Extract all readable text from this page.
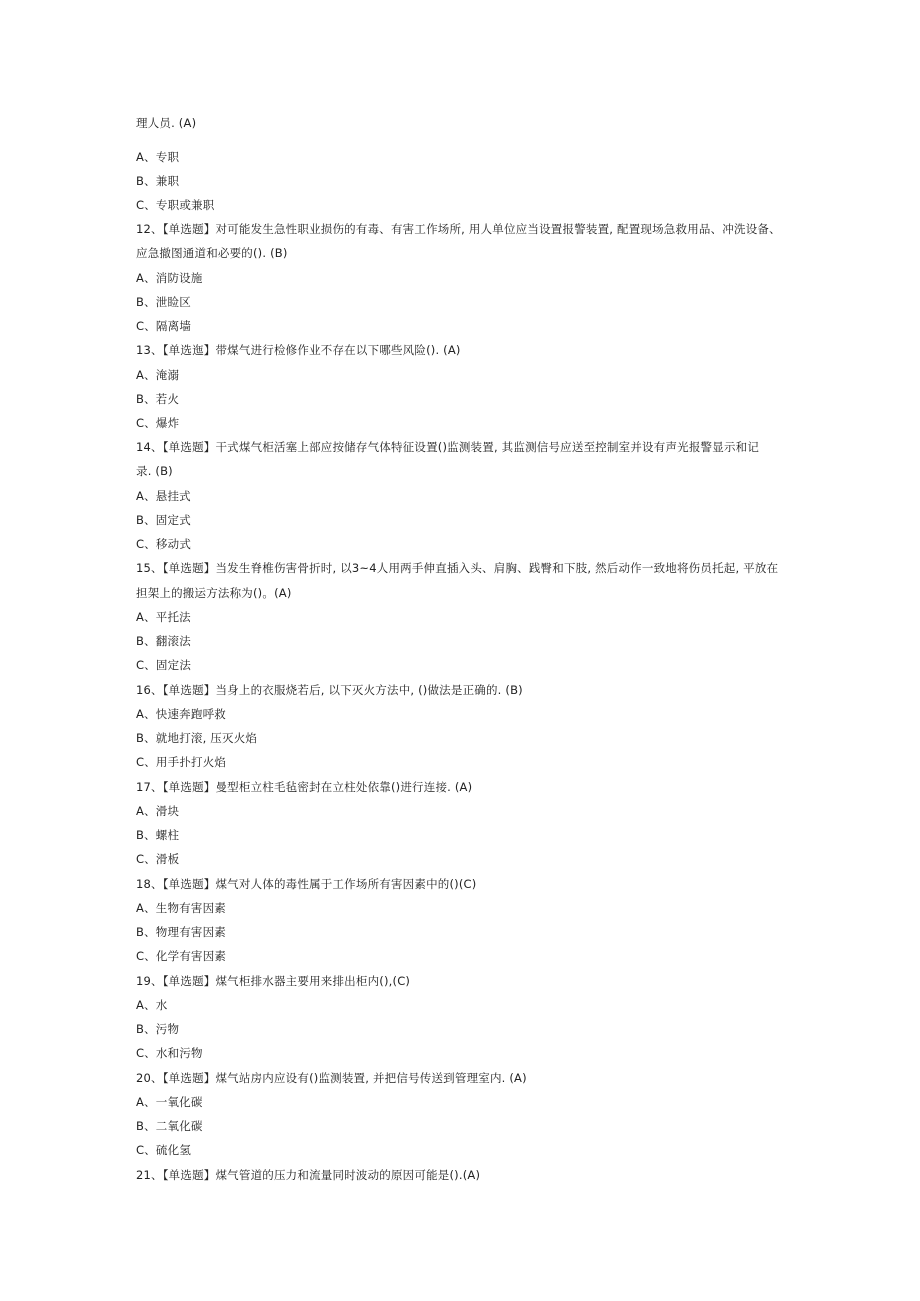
理人员. (A)
A、专职
B、兼职
C、专职或兼职
12、【单选题】对可能发生急性职业损伤的有毒、有害工作场所, 用人单位应当设置报警装置, 配置现场急救用品、冲洗设备、
应急撤图通道和必要的(). (B)
A、消防设施
B、泄睑区
C、隔离墙
13、【单选迤】带煤气进行检修作业不存在以下哪些风险(). (A)
A、淹溺
B、若火
C、爆炸
14、【单选题】干式煤气柜活塞上部应按储存气体特征设置()监测装置, 其监测信号应送至控制室并设有声光报警显示和记
录. (B)
A、悬挂式
B、固定式
C、移动式
15、【单选题】当发生脊椎伤害骨折时, 以3~4人用两手伸直插入头、肩胸、践臀和下肢, 然后动作一致地将伤员托起, 平放在
担架上的搬运方法称为()。(A)
A、平托法
B、翻滚法
C、固定法
16、【单选题】当身上的衣服烧若后, 以下灭火方法中, ()做法是正确的. (B)
A、快速奔跑呼救
B、就地打滚, 压灭火焰
C、用手扑打火焰
17、【单选题】曼型柜立柱毛毡密封在立柱处依靠()进行连接. (A)
A、滑块
B、螺柱
C、滑板
18、【单选题】煤气对人体的毒性属于工作场所有害因素中的()(C)
A、生物有害因素
B、物理有害因素
C、化学有害因素
19、【单选题】煤气柜排水器主要用来排出柜内(),(C)
A、水
B、污物
C、水和污物
20、【单选题】煤气站房内应设有()监测装置, 并把信号传送到管理室内. (A)
A、一氧化碳
B、二氧化碳
C、硫化氢
21、【单选题】煤气管道的压力和流量同时波动的原因可能是().(A)
